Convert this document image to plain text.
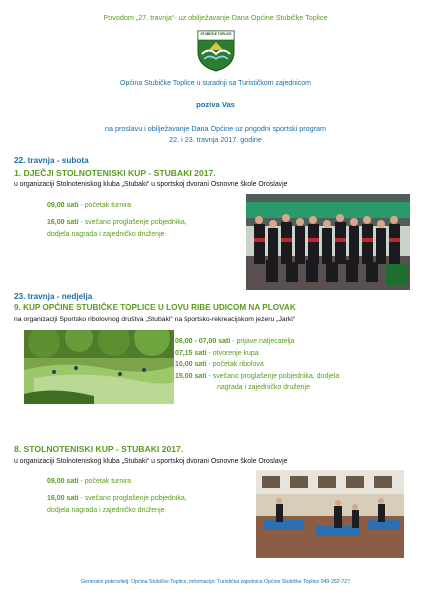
Povodom „27. travnja“- uz obilježavanje Dana Općine Stubičke Toplice
STUBIČKE TOPLICE
Općina Stubičke Toplice u suradnji sa Turističkom zajednicom
poziva Vas
na proslavu i obilježavanje Dana Općine uz prigodni sportski program
22. i 23. travnja 2017. godine
22. travnja - subota
1. DJEČJI STOLNOTENISKI KUP - STUBAKI 2017.
u organizaciji Stolnoteniskog kluba „Stubaki“ u sportskoj dvorani Osnovne škole Oroslavje
09,00 sati - početak turnira
16,00 sati - svečano proglašenje pobjednika,
dodjela nagrada i zajedničko druženje
23. travnja - nedjelja
9. KUP OPĆINE STUBIČKE TOPLICE U LOVU RIBE UDICOM NA PLOVAK
na organizaciji Sportsko ribolovnog društva „Stubaki“ na športsko-rekreacijskom jezeru „Jarki“
06,00 - 07,00 sati - prijave natjecatelja
07,15 sati - otvorenje kupa
10,00 sati - početak ribolova
15,00 sati - svečano proglašenje pobjednika, dodjela
nagrada i zajedničko druženje
8. STOLNOTENISKI KUP - STUBAKI 2017.
u organizaciji Stolnoteniskog kluba „Stubaki“ u sportskoj dvorani Osnovne škole Oroslavje
09,00 sati - početak turnira
16,00 sati - svečano proglašenje pobjednika,
dodjela nagrada i zajedničko druženje
Generalni pokrovitelj: Općina Stubičke Toplice, informacije: Turistička zajednica Općine Stubičke Toplice 049-282-727
